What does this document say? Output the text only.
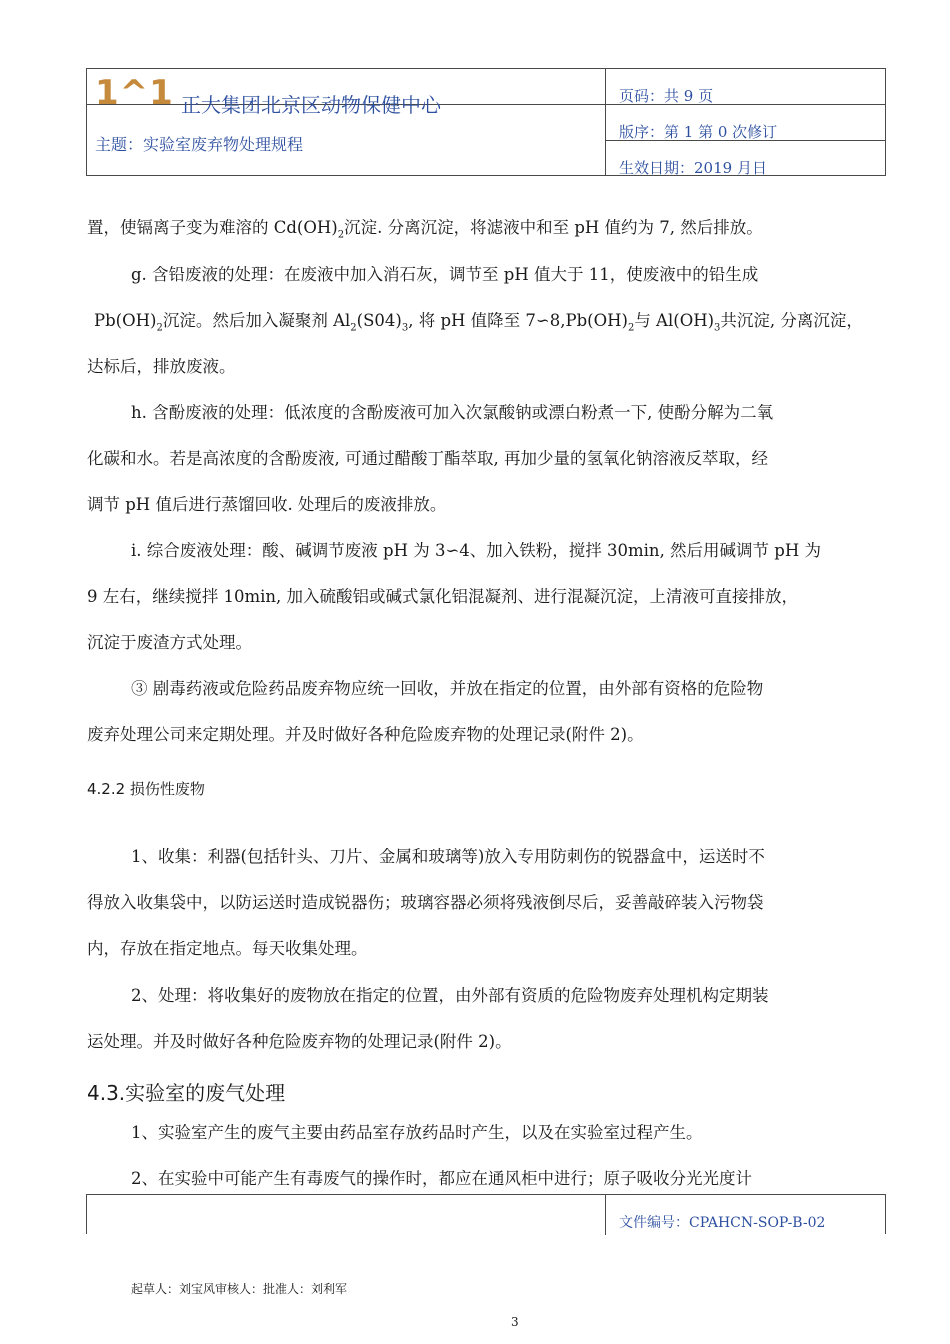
1^1 正大集团北京区动物保健中心
主题：实验室废弃物处理规程
页码：共 9 页
版序：第 1 第 0 次修订
生效日期：2019 月日

置，使镉离子变为难溶的 $Cd(OH)_2$沉淀. 分离沉淀，将滤液中和至 pH 值约为 7, 然后排放。

g. 含铅废液的处理：在废液中加入消石灰，调节至 pH 值大于 11，使废液中的铅生成

$Pb(OH)_2$沉淀。然后加入凝聚剂 $Al_2(S04)_3$, 将 pH 值降至 $7∽8,Pb(OH)_2$与 $Al(OH)_3$共沉淀, 分离沉淀，

达标后，排放废液。

h. 含酚废液的处理：低浓度的含酚废液可加入次氯酸钠或漂白粉煮一下, 使酚分解为二氧

化碳和水。若是高浓度的含酚废液, 可通过醋酸丁酯萃取, 再加少量的氢氧化钠溶液反萃取，经

调节 pH 值后进行蒸馏回收. 处理后的废液排放。

i. 综合废液处理：酸、碱调节废液 pH 为 3∽4、加入铁粉，搅拌 30min, 然后用碱调节 pH 为

9 左右，继续搅拌 10min, 加入硫酸铝或碱式氯化铝混凝剂、进行混凝沉淀，上清液可直接排放，

沉淀于废渣方式处理。

③ 剧毒药液或危险药品废弃物应统一回收，并放在指定的位置，由外部有资格的危险物

废弃处理公司来定期处理。并及时做好各种危险废弃物的处理记录(附件 2)。

4.2.2 损伤性废物

1、收集：利器(包括针头、刀片、金属和玻璃等)放入专用防刺伤的锐器盒中，运送时不

得放入收集袋中，以防运送时造成锐器伤；玻璃容器必须将残液倒尽后，妥善敲碎装入污物袋

内，存放在指定地点。每天收集处理。

2、处理：将收集好的废物放在指定的位置，由外部有资质的危险物废弃处理机构定期装

运处理。并及时做好各种危险废弃物的处理记录(附件 2)。

4.3.实验室的废气处理

1、实验室产生的废气主要由药品室存放药品时产生，以及在实验室过程产生。

2、在实验中可能产生有毒废气的操作时，都应在通风柜中进行；原子吸收分光光度计

文件编号：CPAHCN-SOP-B-02
起草人：刘宝风审核人：批准人：刘利军
3
